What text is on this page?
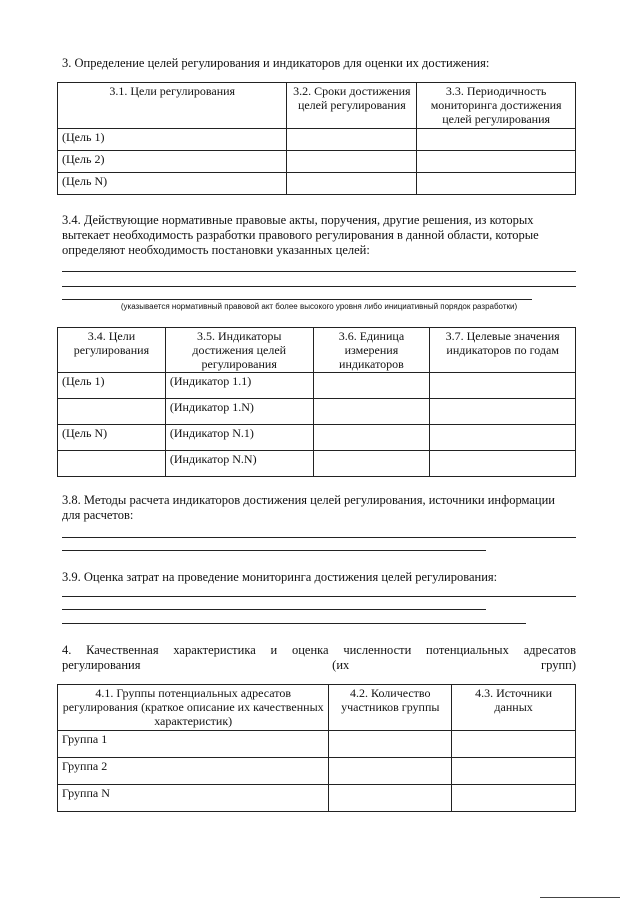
3. Определение целей регулирования и индикаторов для оценки их достижения:
3.1. Цели регулирования	3.2. Сроки достижения целей регулирования	3.3. Периодичность мониторинга достижения целей регулирования
(Цель 1)		
(Цель 2)		
(Цель N)		
3.4. Действующие нормативные правовые акты, поручения, другие решения, из которых вытекает необходимость разработки правового регулирования в данной области, которые определяют необходимость постановки указанных целей:
(указывается нормативный правовой акт более высокого уровня либо инициативный порядок разработки)
3.4. Цели регулирования	3.5. Индикаторы достижения целей регулирования	3.6. Единица измерения индикаторов	3.7. Целевые значения индикаторов по годам
(Цель 1)	(Индикатор 1.1)		
	(Индикатор 1.N)		
(Цель N)	(Индикатор N.1)		
	(Индикатор N.N)		
3.8. Методы расчета индикаторов достижения целей регулирования, источники информации для расчетов:
3.9. Оценка затрат на проведение мониторинга достижения целей регулирования:
4. Качественная характеристика и оценка численности потенциальных адресатов регулирования (их групп)
4.1. Группы потенциальных адресатов регулирования (краткое описание их качественных характеристик)	4.2. Количество участников группы	4.3. Источники данных
Группа 1		
Группа 2		
Группа N		
